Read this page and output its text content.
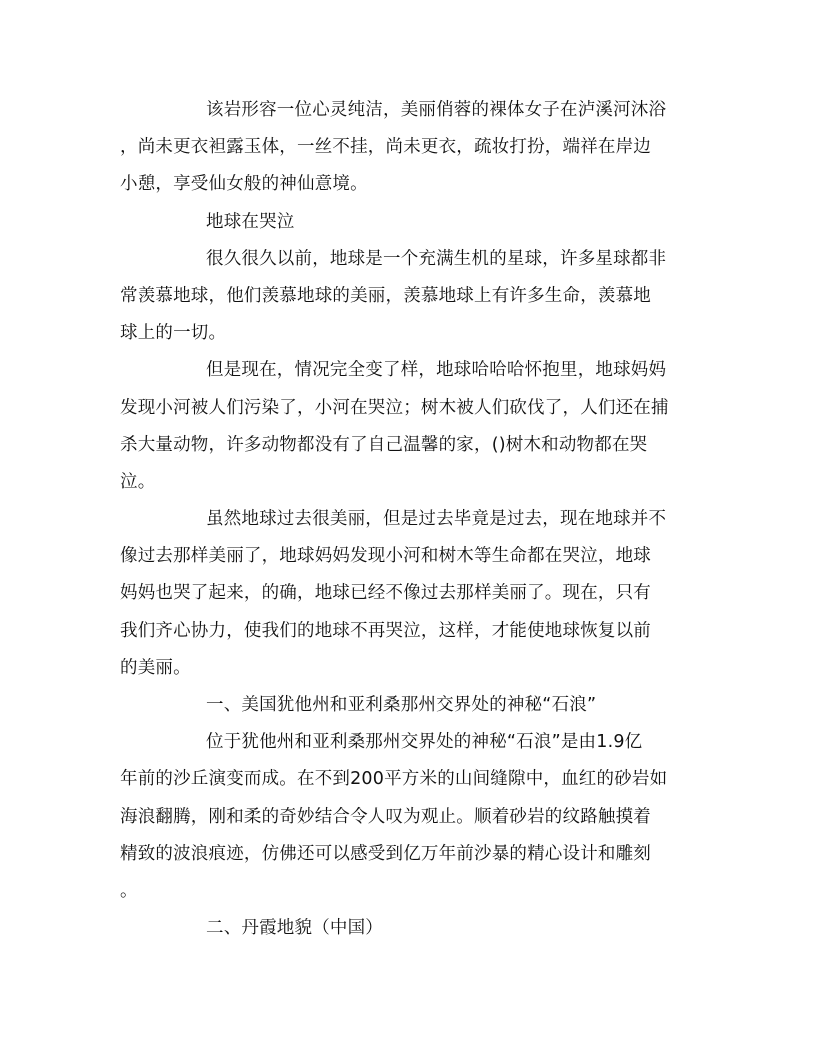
该岩形容一位心灵纯洁，美丽俏蓉的裸体女子在泸溪河沐浴
，尚未更衣袒露玉体，一丝不挂，尚未更衣，疏妆打扮，端祥在岸边
小憩，享受仙女般的神仙意境。
地球在哭泣
很久很久以前，地球是一个充满生机的星球，许多星球都非
常羡慕地球，他们羡慕地球的美丽，羡慕地球上有许多生命，羡慕地
球上的一切。
但是现在，情况完全变了样，地球哈哈哈怀抱里，地球妈妈
发现小河被人们污染了，小河在哭泣；树木被人们砍伐了，人们还在捕
杀大量动物，许多动物都没有了自己温馨的家，()树木和动物都在哭
泣。
虽然地球过去很美丽，但是过去毕竟是过去，现在地球并不
像过去那样美丽了，地球妈妈发现小河和树木等生命都在哭泣，地球
妈妈也哭了起来，的确，地球已经不像过去那样美丽了。现在，只有
我们齐心协力，使我们的地球不再哭泣，这样，才能使地球恢复以前
的美丽。
一、美国犹他州和亚利桑那州交界处的神秘“石浪”
位于犹他州和亚利桑那州交界处的神秘“石浪”是由1.9亿
年前的沙丘演变而成。在不到200平方米的山间缝隙中，血红的砂岩如
海浪翻腾，刚和柔的奇妙结合令人叹为观止。顺着砂岩的纹路触摸着
精致的波浪痕迹，仿佛还可以感受到亿万年前沙暴的精心设计和雕刻
。
二、丹霞地貌（中国）
